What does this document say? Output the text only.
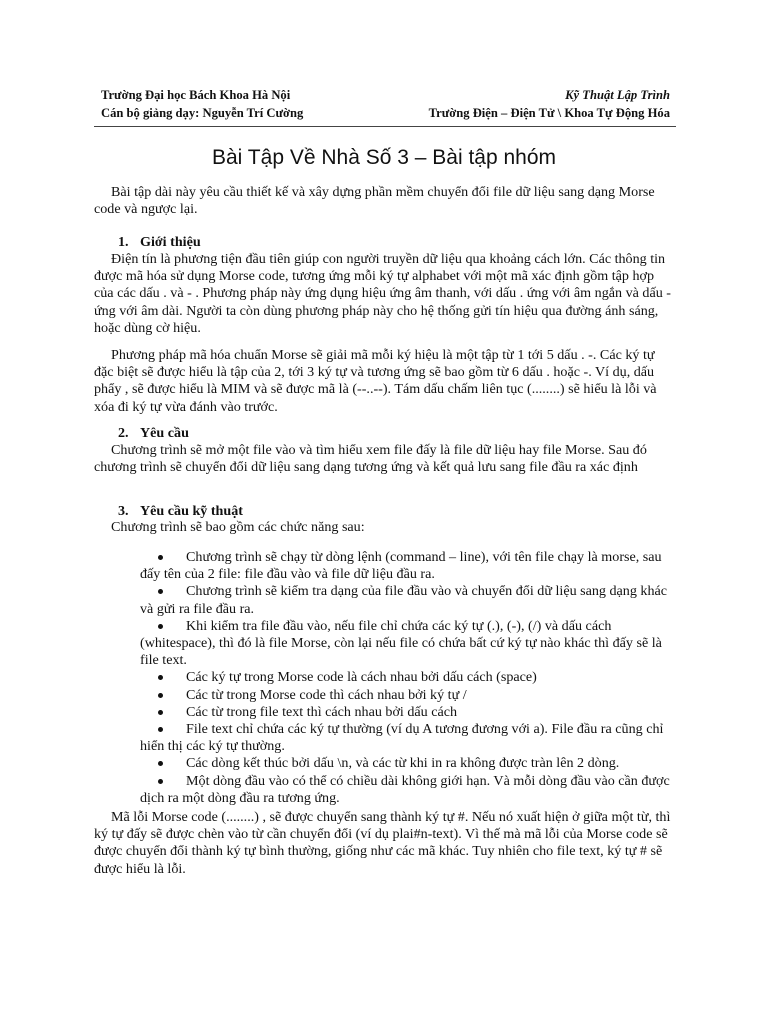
Trường Đại học Bách Khoa Hà Nội
Cán bộ giảng dạy: Nguyễn Trí Cường
Kỹ Thuật Lập Trình
Trường Điện – Điện Tử \ Khoa Tự Động Hóa
Bài Tập Về Nhà Số 3 – Bài tập nhóm

Bài tập dài này yêu cầu thiết kế và xây dựng phần mềm chuyển đổi file dữ liệu sang dạng Morse code và ngược lại.

1. Giới thiệu

Điện tín là phương tiện đầu tiên giúp con người truyền dữ liệu qua khoảng cách lớn. Các thông tin được mã hóa sử dụng Morse code, tương ứng mỗi ký tự alphabet với một mã xác định gồm tập hợp của các dấu . và - . Phương pháp này ứng dụng hiệu ứng âm thanh, với dấu . ứng với âm ngắn và dấu - ứng với âm dài. Người ta còn dùng phương pháp này cho hệ thống gửi tín hiệu qua đường ánh sáng, hoặc dùng cờ hiệu.

Phương pháp mã hóa chuẩn Morse sẽ giải mã mỗi ký hiệu là một tập từ 1 tới 5 dấu . -. Các ký tự đặc biệt sẽ được hiểu là tập của 2, tới 3 ký tự và tương ứng sẽ bao gồm từ 6 dấu . hoặc -. Ví dụ, dấu phẩy , sẽ được hiểu là MIM và sẽ được mã là (--..--). Tám dấu chấm liên tục (........) sẽ hiểu là lỗi và xóa đi ký tự vừa đánh vào trước.

2. Yêu cầu

Chương trình sẽ mở một file vào và tìm hiểu xem file đấy là file dữ liệu hay file Morse. Sau đó chương trình sẽ chuyển đổi dữ liệu sang dạng tương ứng và kết quả lưu sang file đầu ra xác định

3. Yêu cầu kỹ thuật

Chương trình sẽ bao gồm các chức năng sau:

Chương trình sẽ chạy từ dòng lệnh (command – line), với tên file chạy là morse, sau đấy tên của 2 file: file đầu vào và file dữ liệu đầu ra.
Chương trình sẽ kiểm tra dạng của file đầu vào và chuyển đổi dữ liệu sang dạng khác và gửi ra file đầu ra.
Khi kiểm tra file đầu vào, nếu file chỉ chứa các ký tự (.), (-), (/) và dấu cách (whitespace), thì đó là file Morse, còn lại nếu file có chứa bất cứ ký tự nào khác thì đấy sẽ là file text.
Các ký tự trong Morse code là cách nhau bởi dấu cách (space)
Các từ trong Morse code thì cách nhau bởi ký tự /
Các từ trong file text thì cách nhau bởi dấu cách
File text chỉ chứa các ký tự thường (ví dụ A tương đương với a). File đầu ra cũng chỉ hiển thị các ký tự thường.
Các dòng kết thúc bởi dấu \n, và các từ khi in ra không được tràn lên 2 dòng.
Một dòng đầu vào có thể có chiều dài không giới hạn. Và mỗi dòng đầu vào cần được dịch ra một dòng đầu ra tương ứng.

Mã lỗi Morse code (........) , sẽ được chuyển sang thành ký tự #. Nếu nó xuất hiện ở giữa một từ, thì ký tự đấy sẽ được chèn vào từ cần chuyển đổi (ví dụ plai#n-text). Vì thế mà mã lỗi của Morse code sẽ được chuyển đổi thành ký tự bình thường, giống như các mã khác. Tuy nhiên cho file text, ký tự # sẽ được hiểu là lỗi.
